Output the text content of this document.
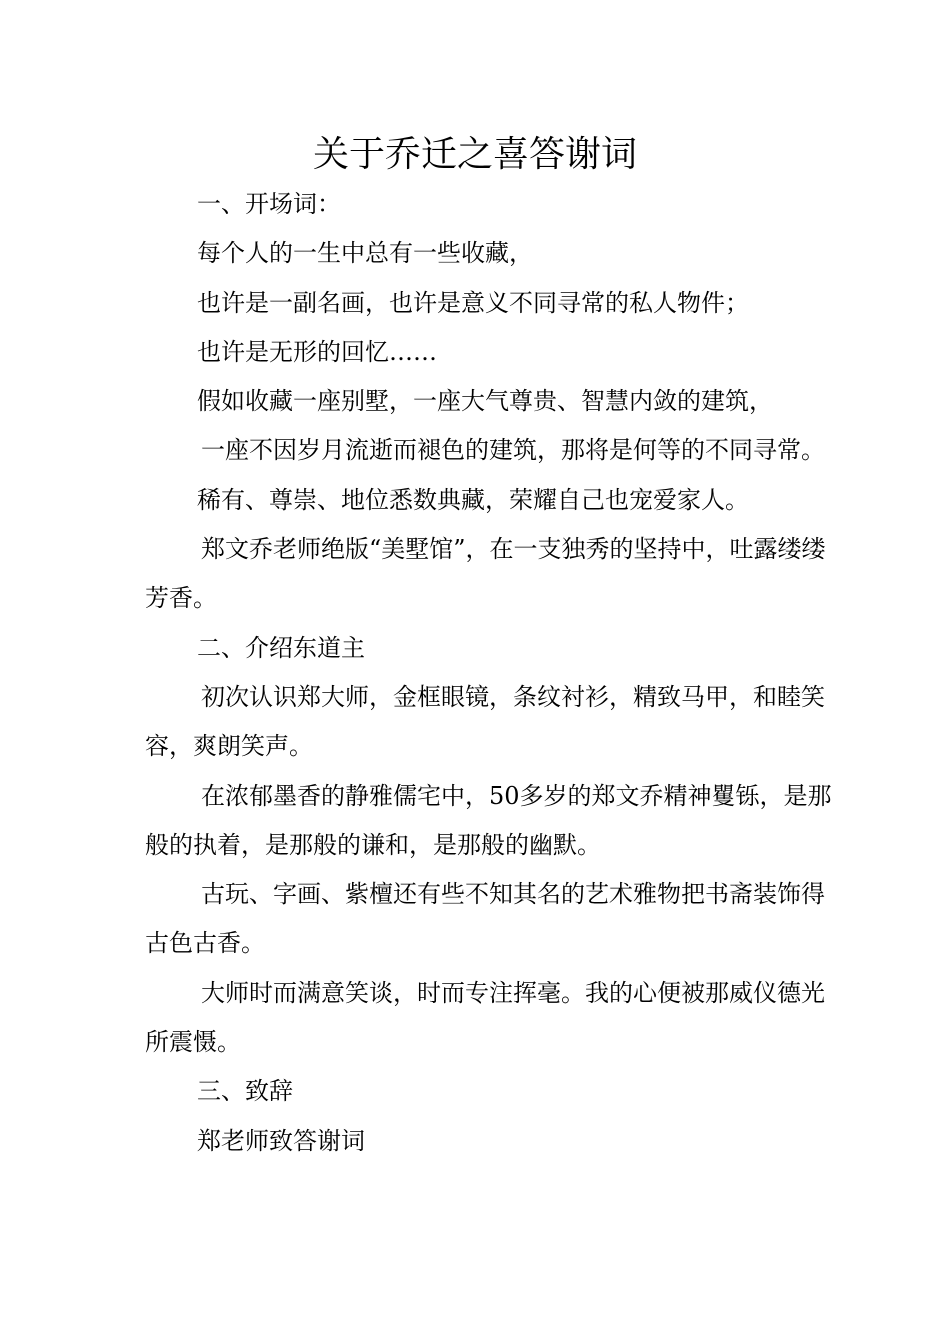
关于乔迁之喜答谢词

一、开场词：

每个人的一生中总有一些收藏，

也许是一副名画，也许是意义不同寻常的私人物件；

也许是无形的回忆……

假如收藏一座别墅，一座大气尊贵、智慧内敛的建筑，

一座不因岁月流逝而褪色的建筑，那将是何等的不同寻常。

稀有、尊崇、地位悉数典藏，荣耀自己也宠爱家人。

郑文乔老师绝版“美墅馆”，在一支独秀的坚持中，吐露缕缕芳香。

二、介绍东道主

初次认识郑大师，金框眼镜，条纹衬衫，精致马甲，和睦笑容，爽朗笑声。

在浓郁墨香的静雅儒宅中，50多岁的郑文乔精神矍铄，是那般的执着，是那般的谦和，是那般的幽默。

古玩、字画、紫檀还有些不知其名的艺术雅物把书斋装饰得古色古香。

大师时而满意笑谈，时而专注挥毫。我的心便被那威仪德光所震慑。

三、致辞

郑老师致答谢词
